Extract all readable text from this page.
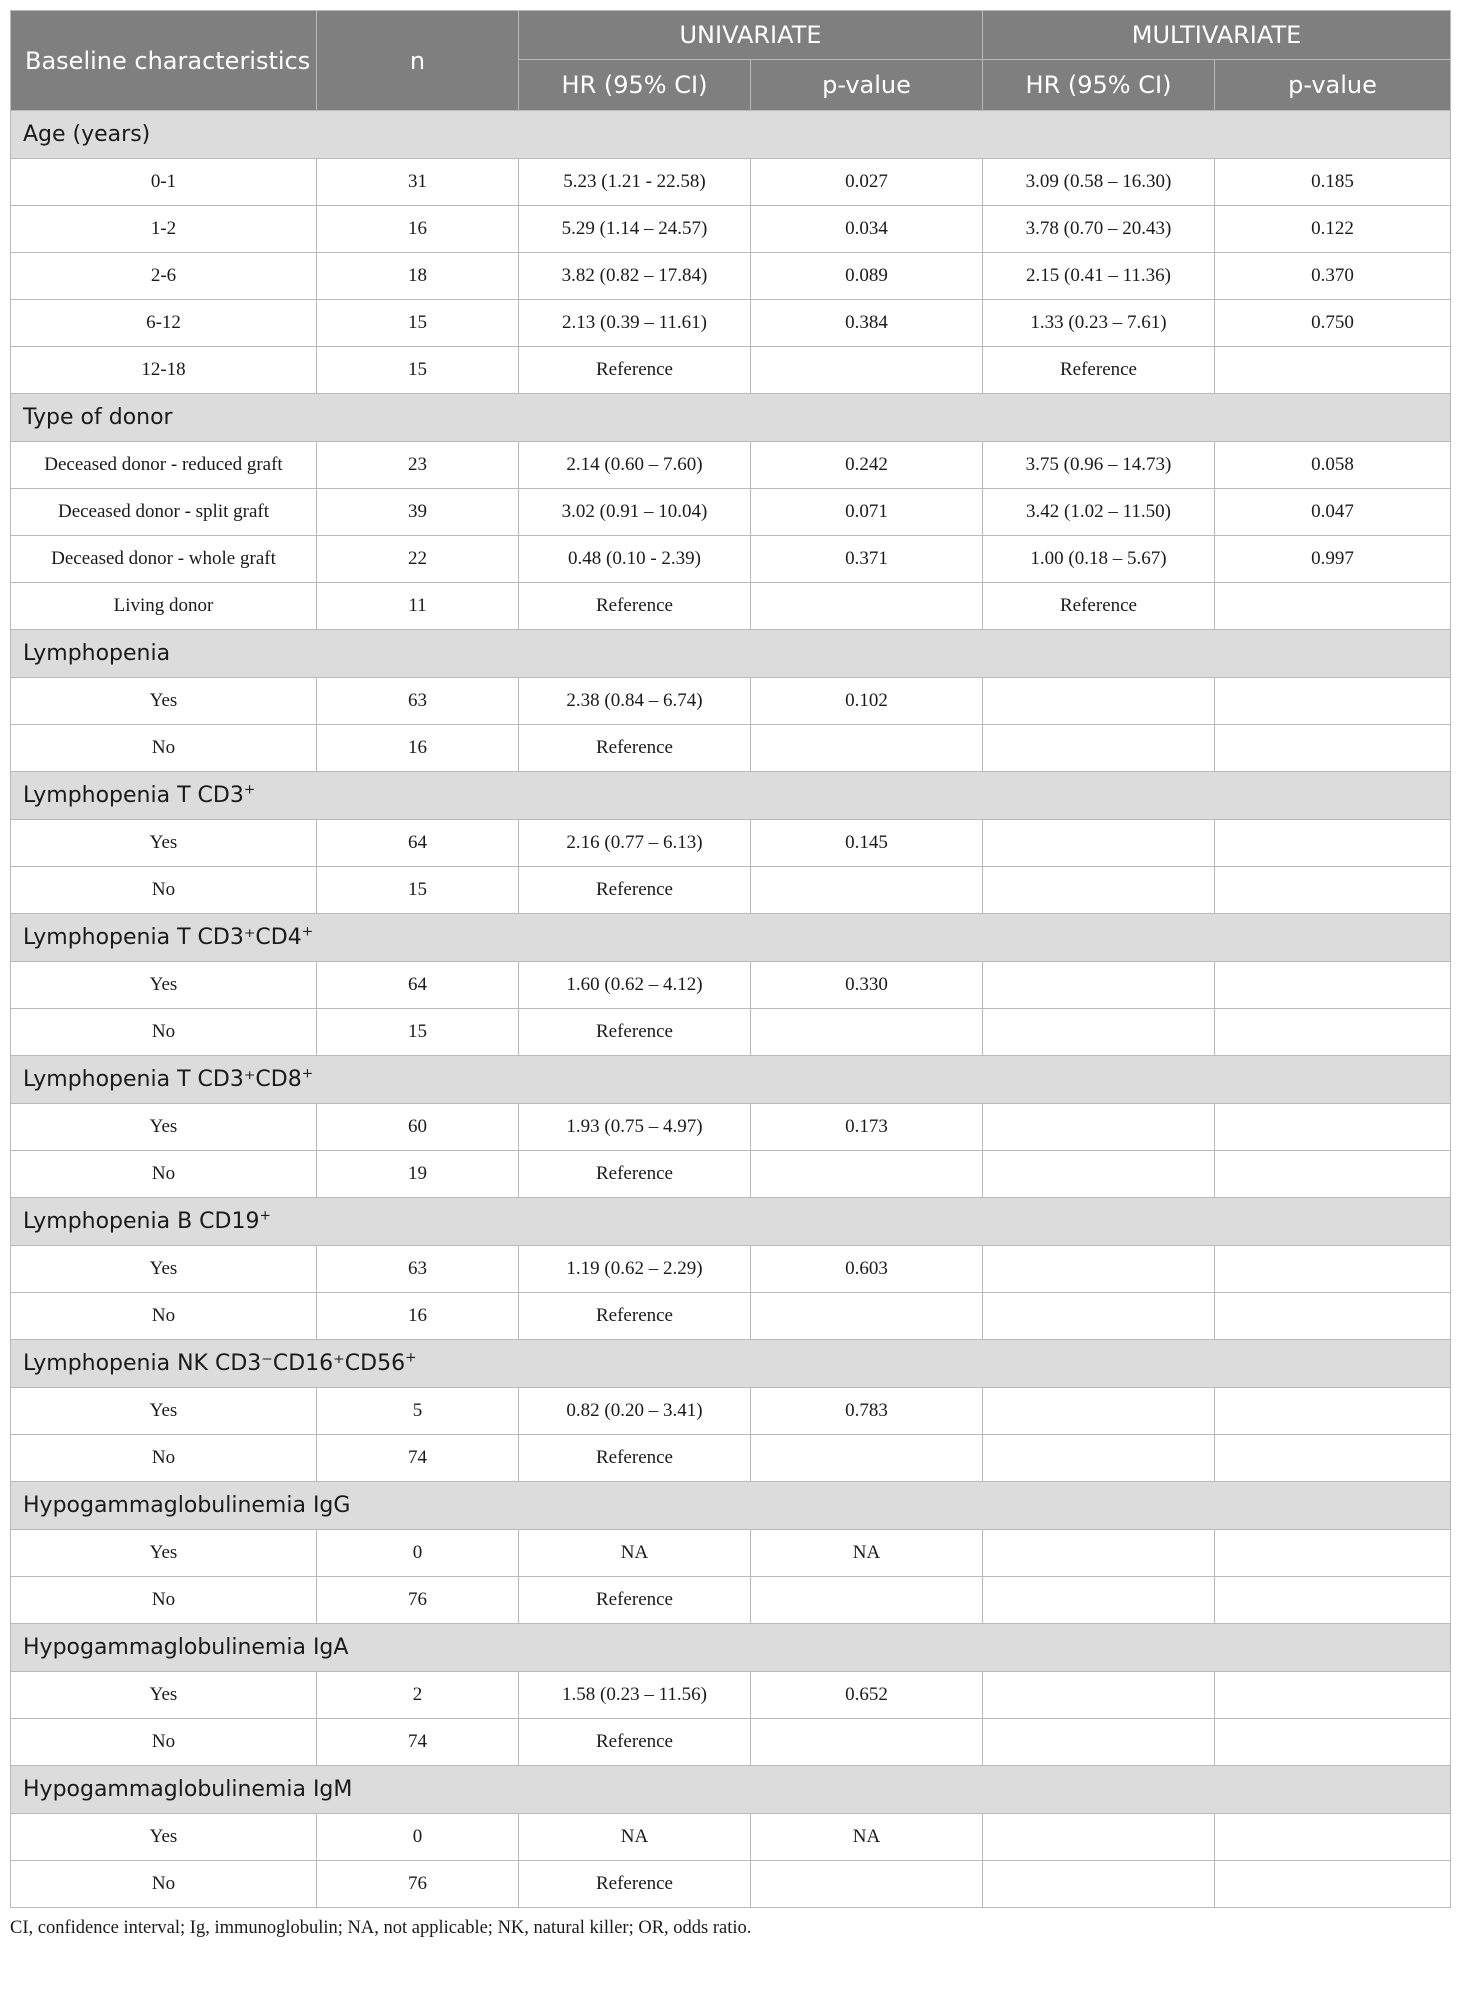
Baseline characteristics	n	UNIVARIATE		MULTIVARIATE	
		HR (95% CI)	p-value	HR (95% CI)	p-value
Age (years)					
0-1	31	5.23 (1.21 - 22.58)	0.027	3.09 (0.58 – 16.30)	0.185
1-2	16	5.29 (1.14 – 24.57)	0.034	3.78 (0.70 – 20.43)	0.122
2-6	18	3.82 (0.82 – 17.84)	0.089	2.15 (0.41 – 11.36)	0.370
6-12	15	2.13 (0.39 – 11.61)	0.384	1.33 (0.23 – 7.61)	0.750
12-18	15	Reference		Reference	
Type of donor					
Deceased donor - reduced graft	23	2.14 (0.60 – 7.60)	0.242	3.75 (0.96 – 14.73)	0.058
Deceased donor - split graft	39	3.02 (0.91 – 10.04)	0.071	3.42 (1.02 – 11.50)	0.047
Deceased donor - whole graft	22	0.48 (0.10 - 2.39)	0.371	1.00 (0.18 – 5.67)	0.997
Living donor	11	Reference		Reference	
Lymphopenia					
Yes	63	2.38 (0.84 – 6.74)	0.102		
No	16	Reference			
Lymphopenia T CD3+
Yes	64	2.16 (0.77 – 6.13)	0.145		
No	15	Reference			
Lymphopenia T CD3⁺CD4+
Yes	64	1.60 (0.62 – 4.12)	0.330		
No	15	Reference			
Lymphopenia T CD3⁺CD8+
Yes	60	1.93 (0.75 – 4.97)	0.173		
No	19	Reference			
Lymphopenia B CD19+
Yes	63	1.19 (0.62 – 2.29)	0.603		
No	16	Reference			
Lymphopenia NK CD3⁻CD16⁺CD56+
Yes	5	0.82 (0.20 – 3.41)	0.783		
No	74	Reference			
Hypogammaglobulinemia IgG					
Yes	0	NA	NA		
No	76	Reference			
Hypogammaglobulinemia IgA					
Yes	2	1.58 (0.23 – 11.56)	0.652		
No	74	Reference			
Hypogammaglobulinemia IgM					
Yes	0	NA	NA		
No	76	Reference			
CI, confidence interval; Ig, immunoglobulin; NA, not applicable; NK, natural killer; OR, odds ratio.
